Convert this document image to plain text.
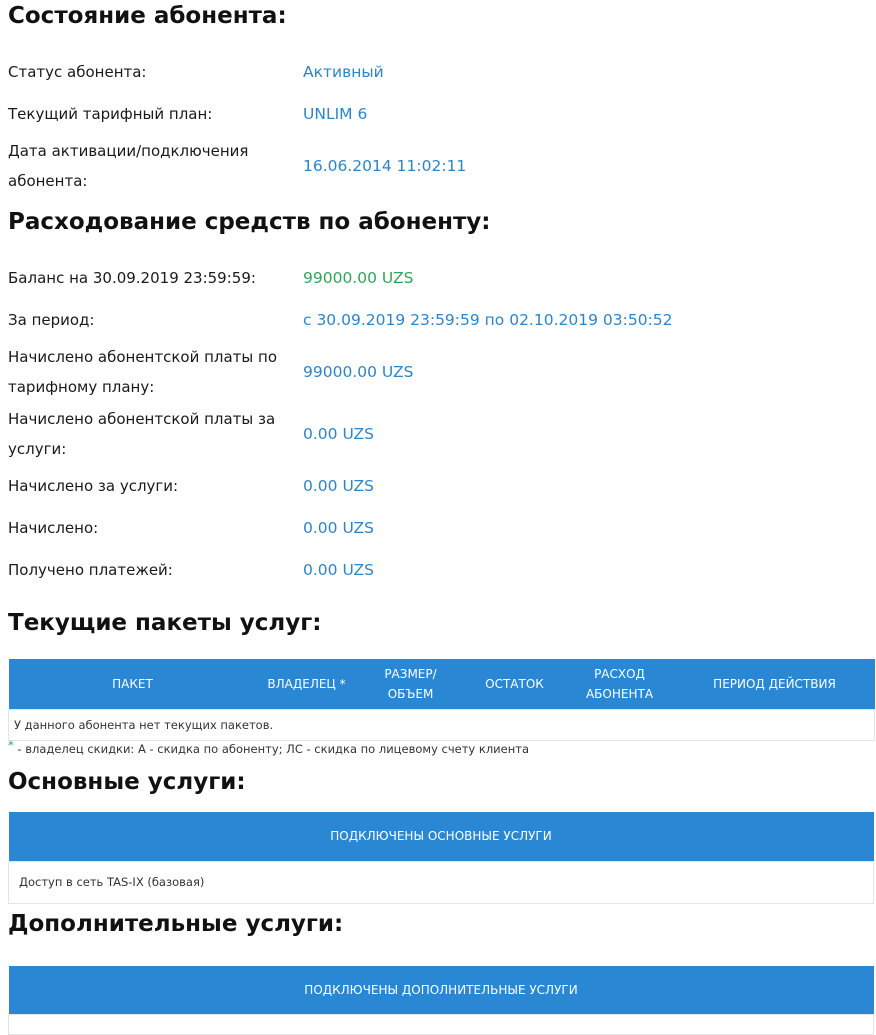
Состояние абонента:
Статус абонента:	Активный
Текущий тарифный план:	UNLIM 6
Дата активации/подключения абонента:
16.06.2014 11:02:11
Расходование средств по абоненту:
Баланс на 30.09.2019 23:59:59:	99000.00 UZS
За период:	с 30.09.2019 23:59:59 по 02.10.2019 03:50:52
Начислено абонентской платы по тарифному плану:
99000.00 UZS
Начислено абонентской платы за услуги:
0.00 UZS
Начислено за услуги:	0.00 UZS
Начислено:	0.00 UZS
Получено платежей:	0.00 UZS
Текущие пакеты услуг:
ПАКЕТ	ВЛАДЕЛЕЦ *	РАЗМЕР/ ОБЪЕМ	ОСТАТОК	РАСХОД АБОНЕНТА	ПЕРИОД ДЕЙСТВИЯ
У данного абонента нет текущих пакетов.
* - владелец скидки: А - скидка по абоненту; ЛС - скидка по лицевому счету клиента
Основные услуги:
ПОДКЛЮЧЕНЫ ОСНОВНЫЕ УСЛУГИ
Доступ в сеть TAS-IX (базовая)
Дополнительные услуги:
ПОДКЛЮЧЕНЫ ДОПОЛНИТЕЛЬНЫЕ УСЛУГИ
